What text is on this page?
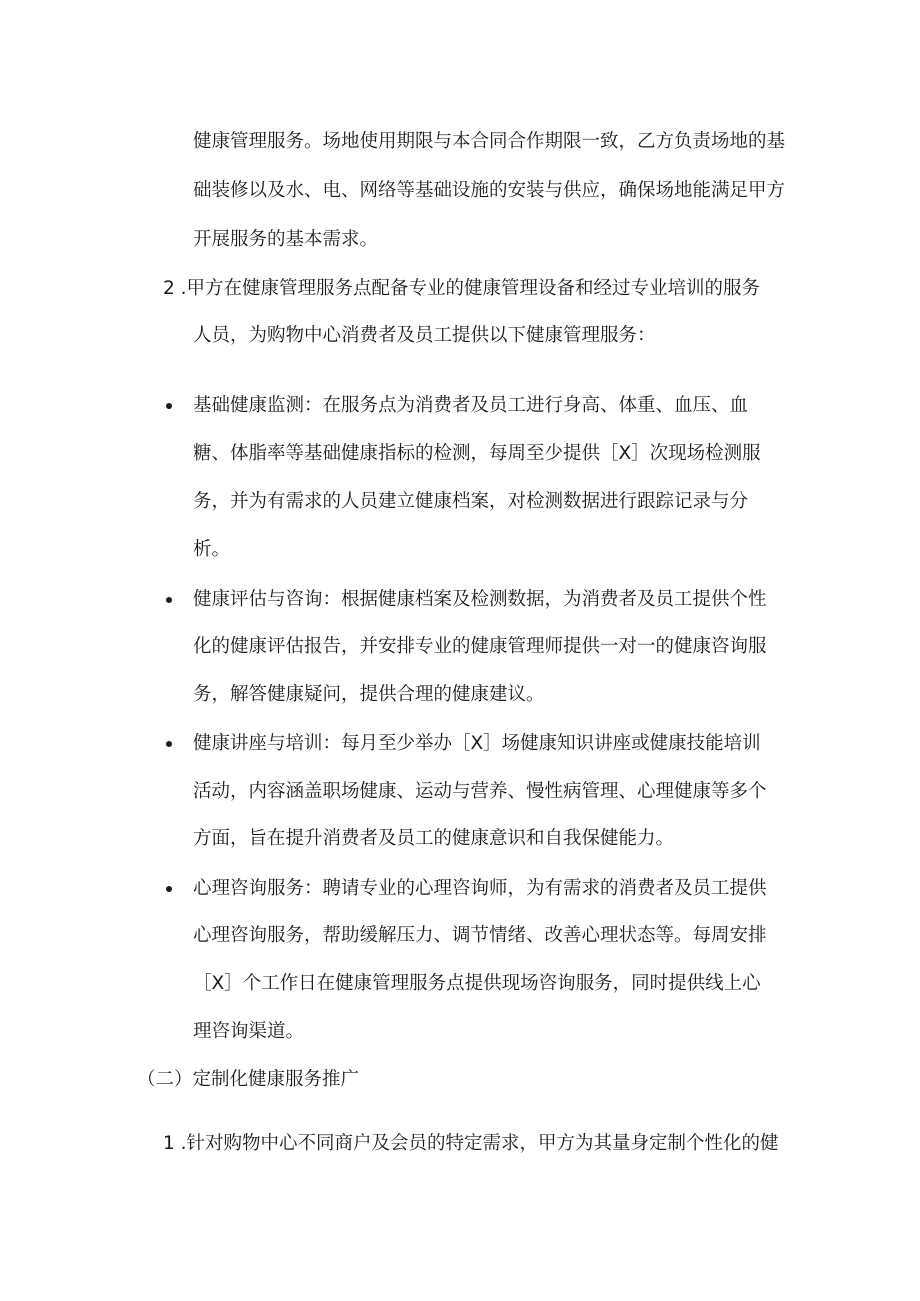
健康管理服务。场地使用期限与本合同合作期限一致，乙方负责场地的基

础装修以及水、电、网络等基础设施的安装与供应，确保场地能满足甲方

开展服务的基本需求。

2 .甲方在健康管理服务点配备专业的健康管理设备和经过专业培训的服务

人员，为购物中心消费者及员工提供以下健康管理服务：

基础健康监测：在服务点为消费者及员工进行身高、体重、血压、血

糖、体脂率等基础健康指标的检测，每周至少提供［X］次现场检测服

务，并为有需求的人员建立健康档案，对检测数据进行跟踪记录与分

析。

健康评估与咨询：根据健康档案及检测数据，为消费者及员工提供个性

化的健康评估报告，并安排专业的健康管理师提供一对一的健康咨询服

务，解答健康疑问，提供合理的健康建议。

健康讲座与培训：每月至少举办［X］场健康知识讲座或健康技能培训

活动，内容涵盖职场健康、运动与营养、慢性病管理、心理健康等多个

方面，旨在提升消费者及员工的健康意识和自我保健能力。

心理咨询服务：聘请专业的心理咨询师，为有需求的消费者及员工提供

心理咨询服务，帮助缓解压力、调节情绪、改善心理状态等。每周安排

［X］个工作日在健康管理服务点提供现场咨询服务，同时提供线上心

理咨询渠道。

（二）定制化健康服务推广

1 .针对购物中心不同商户及会员的特定需求，甲方为其量身定制个性化的健
